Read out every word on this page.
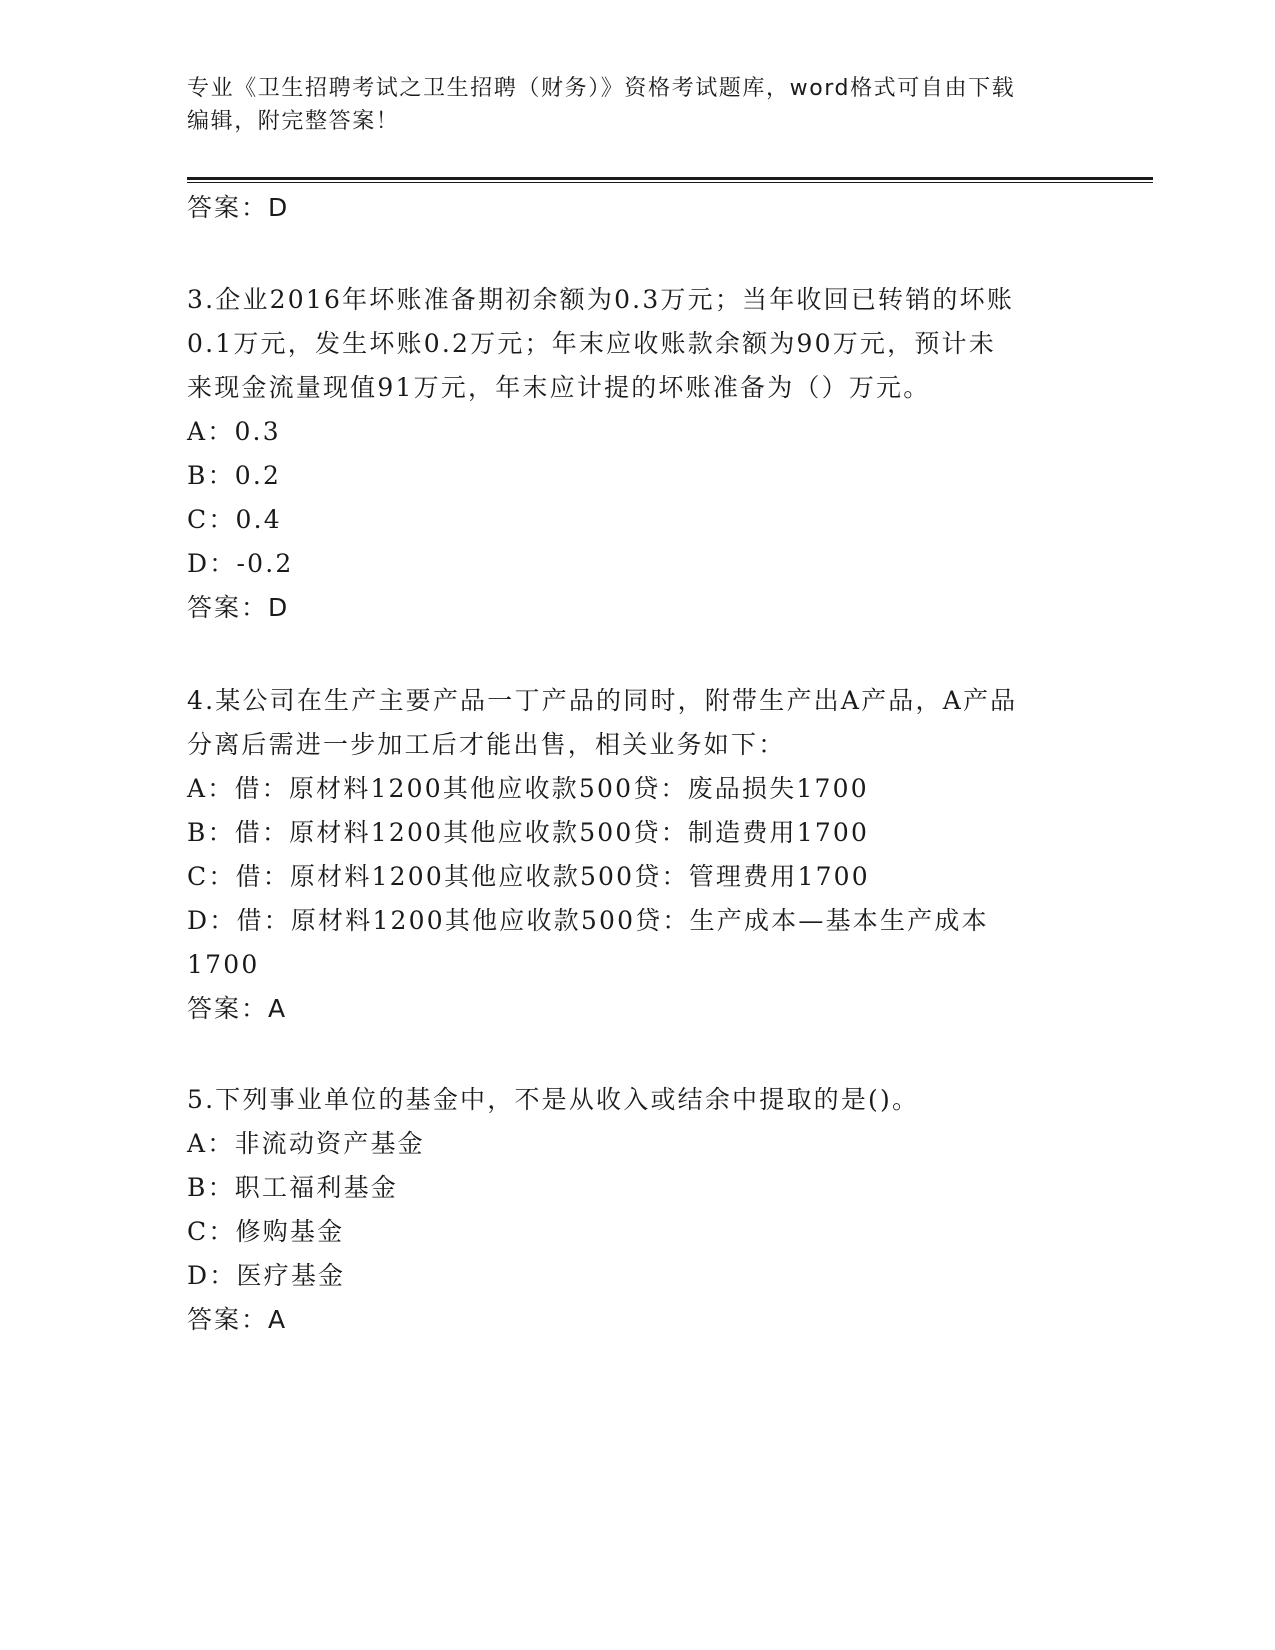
专业《卫生招聘考试之卫生招聘（财务）》资格考试题库，word格式可自由下载
编辑，附完整答案！
答案：D
3.企业2016年坏账准备期初余额为0.3万元；当年收回已转销的坏账
0.1万元，发生坏账0.2万元；年末应收账款余额为90万元，预计未
来现金流量现值91万元，年末应计提的坏账准备为（）万元。
A：0.3
B：0.2
C：0.4
D：-0.2
答案：D
4.某公司在生产主要产品一丁产品的同时，附带生产出A产品，A产品
分离后需进一步加工后才能出售，相关业务如下：
A：借：原材料1200其他应收款500贷：废品损失1700
B：借：原材料1200其他应收款500贷：制造费用1700
C：借：原材料1200其他应收款500贷：管理费用1700
D：借：原材料1200其他应收款500贷：生产成本—基本生产成本
1700
答案：A
5.下列事业单位的基金中，不是从收入或结余中提取的是()。
A：非流动资产基金
B：职工福利基金
C：修购基金
D：医疗基金
答案：A
